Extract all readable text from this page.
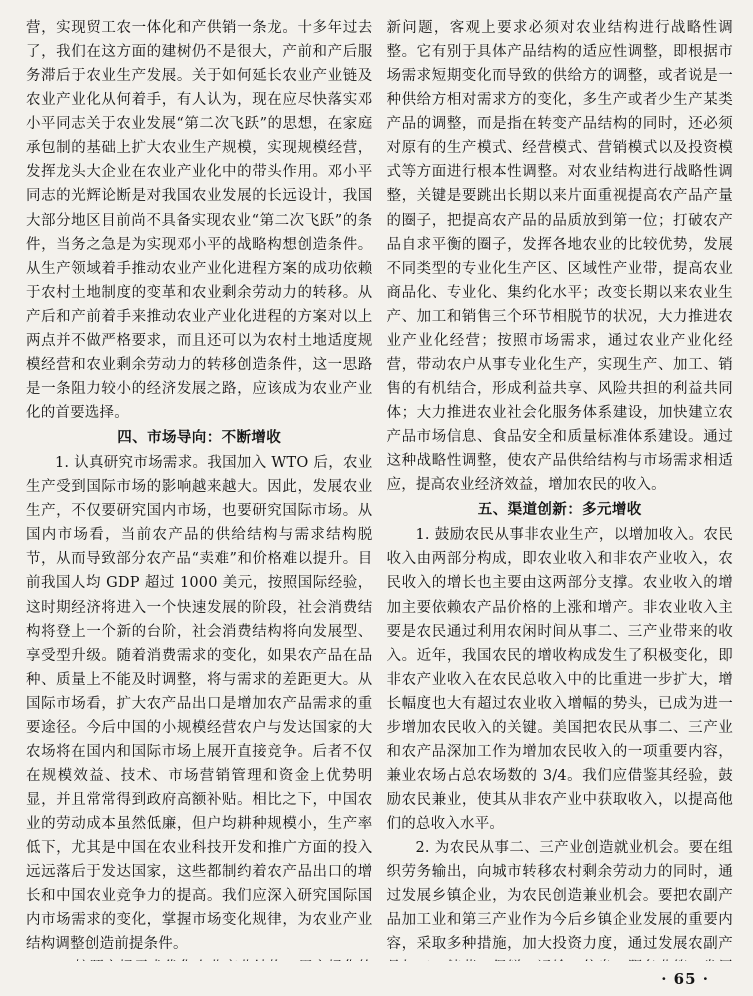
营，实现贸工农一体化和产供销一条龙。十多年过去了，我们在这方面的建树仍不是很大，产前和产后服务滞后于农业生产发展。关于如何延长农业产业链及农业产业化从何着手，有人认为，现在应尽快落实邓小平同志关于农业发展“第二次飞跃”的思想，在家庭承包制的基础上扩大农业生产规模，实现规模经营，发挥龙头大企业在农业产业化中的带头作用。邓小平同志的光辉论断是对我国农业发展的长远设计，我国大部分地区目前尚不具备实现农业“第二次飞跃”的条件，当务之急是为实现邓小平的战略构想创造条件。从生产领域着手推动农业产业化进程方案的成功依赖于农村土地制度的变革和农业剩余劳动力的转移。从产后和产前着手来推动农业产业化进程的方案对以上两点并不做严格要求，而且还可以为农村土地适度规模经营和农业剩余劳动力的转移创造条件，这一思路是一条阻力较小的经济发展之路，应该成为农业产业化的首要选择。

四、市场导向：不断增收

1. 认真研究市场需求。我国加入 WTO 后，农业生产受到国际市场的影响越来越大。因此，发展农业生产，不仅要研究国内市场，也要研究国际市场。从国内市场看，当前农产品的供给结构与需求结构脱节，从而导致部分农产品“卖难”和价格难以提升。目前我国人均 GDP 超过 1000 美元，按照国际经验，这时期经济将进入一个快速发展的阶段，社会消费结构将登上一个新的台阶，社会消费结构将向发展型、享受型升级。随着消费需求的变化，如果农产品在品种、质量上不能及时调整，将与需求的差距更大。从国际市场看，扩大农产品出口是增加农产品需求的重要途径。今后中国的小规模经营农户与发达国家的大农场将在国内和国际市场上展开直接竞争。后者不仅在规模效益、技术、市场营销管理和资金上优势明显，并且常常得到政府高额补贴。相比之下，中国农业的劳动成本虽然低廉，但户均耕种规模小，生产率低下，尤其是中国在农业科技开发和推广方面的投入远远落后于发达国家，这些都制约着农产品出口的增长和中国农业竞争力的提高。我们应深入研究国际国内市场需求的变化，掌握市场变化规律，为农业产业结构调整创造前提条件。

新问题，客观上要求必须对农业结构进行战略性调整。它有别于具体产品结构的适应性调整，即根据市场需求短期变化而导致的供给方的调整，或者说是一种供给方相对需求方的变化，多生产或者少生产某类产品的调整，而是指在转变产品结构的同时，还必须对原有的生产模式、经营模式、营销模式以及投资模式等方面进行根本性调整。对农业结构进行战略性调整，关键是要跳出长期以来片面重视提高农产品产量的圈子，把提高农产品的品质放到第一位；打破农产品自求平衡的圈子，发挥各地农业的比较优势，发展不同类型的专业化生产区、区域性产业带，提高农业商品化、专业化、集约化水平；改变长期以来农业生产、加工和销售三个环节相脱节的状况，大力推进农业产业化经营；按照市场需求，通过农业产业化经营，带动农户从事专业化生产，实现生产、加工、销售的有机结合，形成利益共享、风险共担的利益共同体；大力推进农业社会化服务体系建设，加快建立农产品市场信息、食品安全和质量标准体系建设。通过这种战略性调整，使农产品供给结构与市场需求相适应，提高农业经济效益，增加农民的收入。

五、渠道创新：多元增收

1. 鼓励农民从事非农业生产，以增加收入。农民收入由两部分构成，即农业收入和非农产业收入，农民收入的增长也主要由这两部分支撑。农业收入的增加主要依赖农产品价格的上涨和增产。非农业收入主要是农民通过利用农闲时间从事二、三产业带来的收入。近年，我国农民的增收构成发生了积极变化，即非农产业收入在农民总收入中的比重进一步扩大，增长幅度也大有超过农业收入增幅的势头，已成为进一步增加农民收入的关键。美国把农民从事二、三产业和农产品深加工作为增加农民收入的一项重要内容，兼业农场占总农场数的 3/4。我们应借鉴其经验，鼓励农民兼业，使其从非农产业中获取收入，以提高他们的总收入水平。

2. 为农民从事二、三产业创造就业机会。要在组织劳务输出，向城市转移农村剩余劳动力的同时，通过发展乡镇企业，为农民创造兼业机会。要把农副产品加工业和第三产业作为今后乡镇企业发展的重要内容，采取多种措施，加大投资力度，通过发展农副产

· 65 ·
